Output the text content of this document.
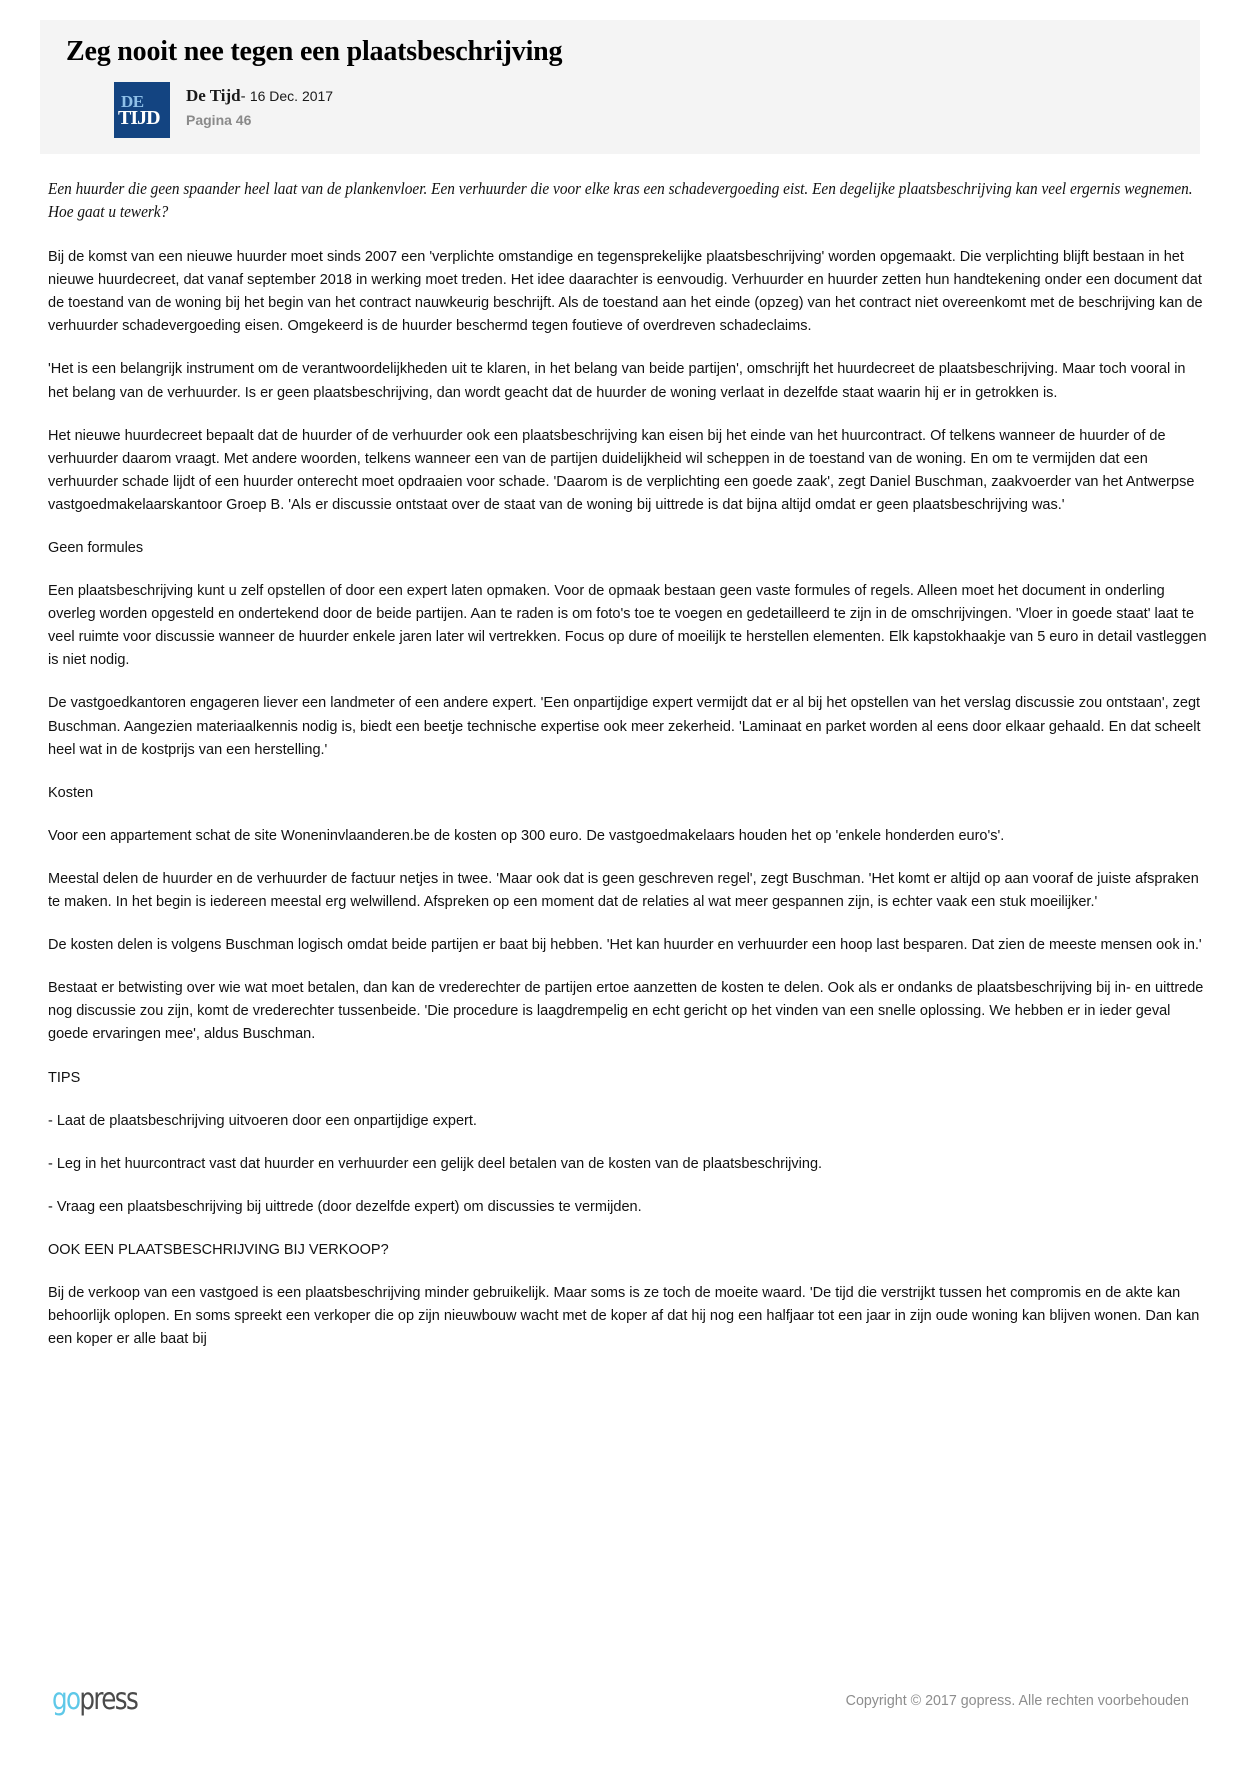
Zeg nooit nee tegen een plaatsbeschrijving
DE
TIJD
De Tijd- 16 Dec. 2017
Pagina 46

Een huurder die geen spaander heel laat van de plankenvloer. Een verhuurder die voor elke kras een schadevergoeding eist. Een degelijke plaatsbeschrijving kan veel ergernis wegnemen. Hoe gaat u tewerk?

Bij de komst van een nieuwe huurder moet sinds 2007 een 'verplichte omstandige en tegensprekelijke plaatsbeschrijving' worden opgemaakt. Die verplichting blijft bestaan in het nieuwe huurdecreet, dat vanaf september 2018 in werking moet treden. Het idee daarachter is eenvoudig. Verhuurder en huurder zetten hun handtekening onder een document dat de toestand van de woning bij het begin van het contract nauwkeurig beschrijft. Als de toestand aan het einde (opzeg) van het contract niet overeenkomt met de beschrijving kan de verhuurder schadevergoeding eisen. Omgekeerd is de huurder beschermd tegen foutieve of overdreven schadeclaims.

'Het is een belangrijk instrument om de verantwoordelijkheden uit te klaren, in het belang van beide partijen', omschrijft het huurdecreet de plaatsbeschrijving. Maar toch vooral in het belang van de verhuurder. Is er geen plaatsbeschrijving, dan wordt geacht dat de huurder de woning verlaat in dezelfde staat waarin hij er in getrokken is.

Het nieuwe huurdecreet bepaalt dat de huurder of de verhuurder ook een plaatsbeschrijving kan eisen bij het einde van het huurcontract. Of telkens wanneer de huurder of de verhuurder daarom vraagt. Met andere woorden, telkens wanneer een van de partijen duidelijkheid wil scheppen in de toestand van de woning. En om te vermijden dat een verhuurder schade lijdt of een huurder onterecht moet opdraaien voor schade. 'Daarom is de verplichting een goede zaak', zegt Daniel Buschman, zaakvoerder van het Antwerpse vastgoedmakelaarskantoor Groep B. 'Als er discussie ontstaat over de staat van de woning bij uittrede is dat bijna altijd omdat er geen plaatsbeschrijving was.'

Geen formules

Een plaatsbeschrijving kunt u zelf opstellen of door een expert laten opmaken. Voor de opmaak bestaan geen vaste formules of regels. Alleen moet het document in onderling overleg worden opgesteld en ondertekend door de beide partijen. Aan te raden is om foto's toe te voegen en gedetailleerd te zijn in de omschrijvingen. 'Vloer in goede staat' laat te veel ruimte voor discussie wanneer de huurder enkele jaren later wil vertrekken. Focus op dure of moeilijk te herstellen elementen. Elk kapstokhaakje van 5 euro in detail vastleggen is niet nodig.

De vastgoedkantoren engageren liever een landmeter of een andere expert. 'Een onpartijdige expert vermijdt dat er al bij het opstellen van het verslag discussie zou ontstaan', zegt Buschman. Aangezien materiaalkennis nodig is, biedt een beetje technische expertise ook meer zekerheid. 'Laminaat en parket worden al eens door elkaar gehaald. En dat scheelt heel wat in de kostprijs van een herstelling.'

Kosten

Voor een appartement schat de site Woneninvlaanderen.be de kosten op 300 euro. De vastgoedmakelaars houden het op 'enkele honderden euro's'.

Meestal delen de huurder en de verhuurder de factuur netjes in twee. 'Maar ook dat is geen geschreven regel', zegt Buschman. 'Het komt er altijd op aan vooraf de juiste afspraken te maken. In het begin is iedereen meestal erg welwillend. Afspreken op een moment dat de relaties al wat meer gespannen zijn, is echter vaak een stuk moeilijker.'

De kosten delen is volgens Buschman logisch omdat beide partijen er baat bij hebben. 'Het kan huurder en verhuurder een hoop last besparen. Dat zien de meeste mensen ook in.'

Bestaat er betwisting over wie wat moet betalen, dan kan de vrederechter de partijen ertoe aanzetten de kosten te delen. Ook als er ondanks de plaatsbeschrijving bij in- en uittrede nog discussie zou zijn, komt de vrederechter tussenbeide. 'Die procedure is laagdrempelig en echt gericht op het vinden van een snelle oplossing. We hebben er in ieder geval goede ervaringen mee', aldus Buschman.

TIPS

- Laat de plaatsbeschrijving uitvoeren door een onpartijdige expert.

- Leg in het huurcontract vast dat huurder en verhuurder een gelijk deel betalen van de kosten van de plaatsbeschrijving.

- Vraag een plaatsbeschrijving bij uittrede (door dezelfde expert) om discussies te vermijden.

OOK EEN PLAATSBESCHRIJVING BIJ VERKOOP?

Bij de verkoop van een vastgoed is een plaatsbeschrijving minder gebruikelijk. Maar soms is ze toch de moeite waard. 'De tijd die verstrijkt tussen het compromis en de akte kan behoorlijk oplopen. En soms spreekt een verkoper die op zijn nieuwbouw wacht met de koper af dat hij nog een halfjaar tot een jaar in zijn oude woning kan blijven wonen. Dan kan een koper er alle baat bij

gopress	Copyright © 2017 gopress. Alle rechten voorbehouden
